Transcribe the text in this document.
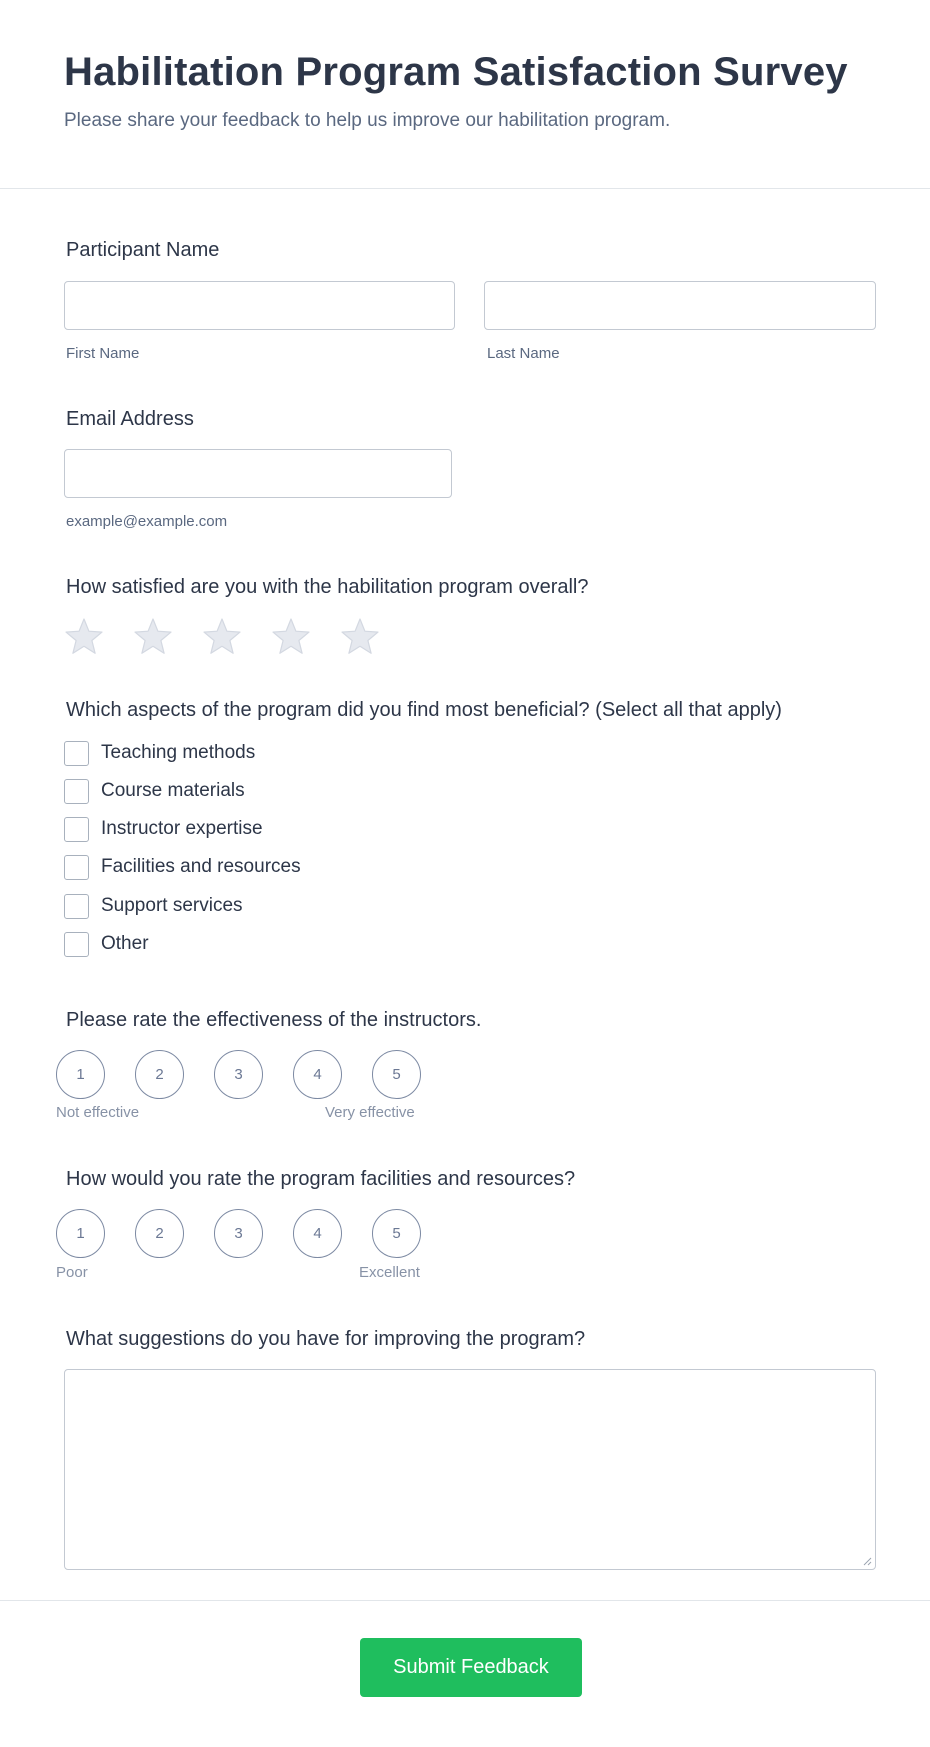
Habilitation Program Satisfaction Survey
Please share your feedback to help us improve our habilitation program.
Participant Name
First Name	Last Name
Email Address
example@example.com
How satisfied are you with the habilitation program overall?
Which aspects of the program did you find most beneficial? (Select all that apply)
Teaching methods
Course materials
Instructor expertise
Facilities and resources
Support services
Other
Please rate the effectiveness of the instructors.
1	2	3	4	5
Not effective	Very effective
How would you rate the program facilities and resources?
1	2	3	4	5
Poor	Excellent
What suggestions do you have for improving the program?
Submit Feedback
